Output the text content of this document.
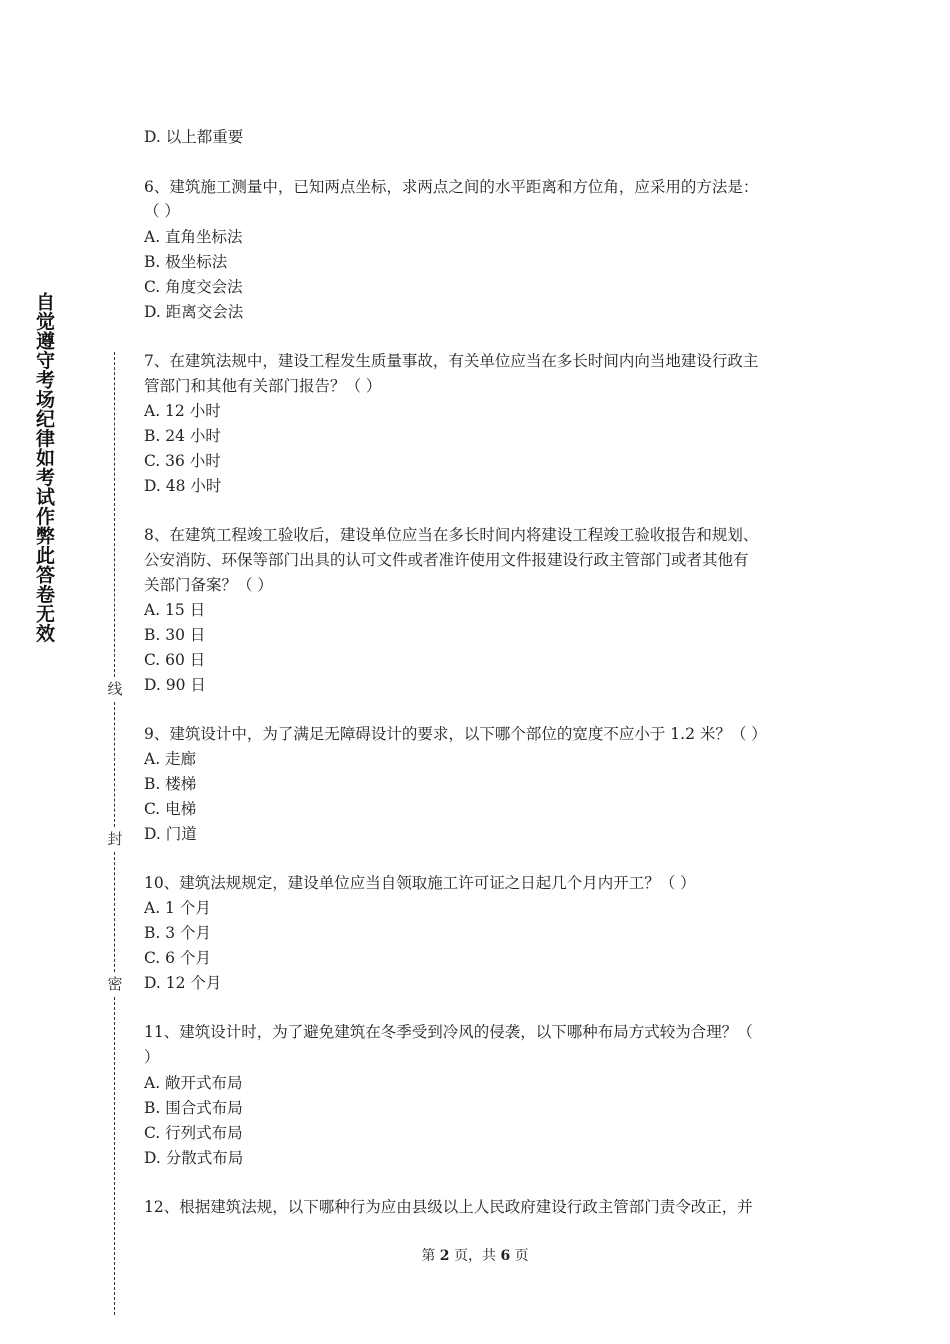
自觉遵守考场纪律如考试作弊此答卷无效
线
封
密
D. 以上都重要
6、建筑施工测量中，已知两点坐标，求两点之间的水平距离和方位角，应采用的方法是：
（ ）
A. 直角坐标法
B. 极坐标法
C. 角度交会法
D. 距离交会法
7、在建筑法规中，建设工程发生质量事故，有关单位应当在多长时间内向当地建设行政主
管部门和其他有关部门报告？（ ）
A. 12 小时
B. 24 小时
C. 36 小时
D. 48 小时
8、在建筑工程竣工验收后，建设单位应当在多长时间内将建设工程竣工验收报告和规划、
公安消防、环保等部门出具的认可文件或者准许使用文件报建设行政主管部门或者其他有
关部门备案？（ ）
A. 15 日
B. 30 日
C. 60 日
D. 90 日
9、建筑设计中，为了满足无障碍设计的要求，以下哪个部位的宽度不应小于 1.2 米？（ ）
A. 走廊
B. 楼梯
C. 电梯
D. 门道
10、建筑法规规定，建设单位应当自领取施工许可证之日起几个月内开工？（ ）
A. 1 个月
B. 3 个月
C. 6 个月
D. 12 个月
11、建筑设计时，为了避免建筑在冬季受到冷风的侵袭，以下哪种布局方式较为合理？（
）
A. 敞开式布局
B. 围合式布局
C. 行列式布局
D. 分散式布局
12、根据建筑法规，以下哪种行为应由县级以上人民政府建设行政主管部门责令改正，并
第 2 页，共 6 页
